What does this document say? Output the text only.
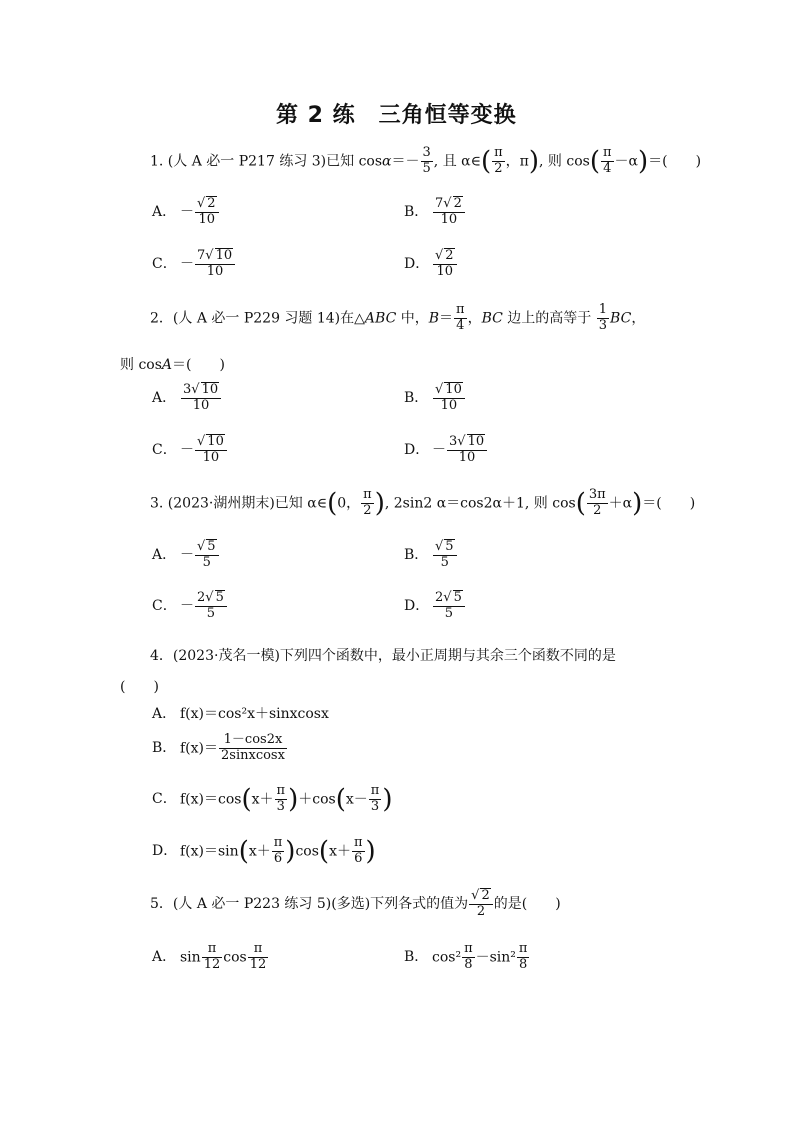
第 2 练　三角恒等变换
1. (人 A 必一 P217 练习 3)已知 $\cos\alpha=- \frac{3}{5}$ , 且 α∈( $\frac{\pi}{2}$ ，π), 则 $\cos( \frac{\pi}{4} -\alpha)=$(　　)
A． － $\frac{√ 2}{10}$	B． $\frac{7√ 2}{10}$
C． － $\frac{7√ 10}{10}$	D． $\frac{√ 2}{10}$
2．(人 A 必一 P229 习题 14)在△ABC 中，$B= \frac{\pi}{4}$ ，BC 边上的高等于 $\frac{1}{3}$ BC，
则 cosA＝(　　)
A． $\frac{3√ 10}{10}$	B． $\frac{√ 10}{10}$
C． － $\frac{√ 10}{10}$	D． － $\frac{3√ 10}{10}$
3. (2023·湖州期末)已知 α∈(0， $\frac{\pi}{2}$ ), 2sin2 α＝cos2α＋1, 则 $\cos( \frac{3\pi}{2} +\alpha)=$(　　)
A． － $\frac{√ 5}{5}$	B． $\frac{√ 5}{5}$
C． － $\frac{2√ 5}{5}$	D． $\frac{2√ 5}{5}$
4．(2023·茂名一模)下列四个函数中，最小正周期与其余三个函数不同的是
(　　)
A． f(x)＝cos²x＋sinxcosx
B． $f(x)= \frac{1-\cos 2x}{\text{2sinxcosx}}$
C． $f(x)=\cos(x+ \frac{\pi}{3} )+\cos(x- \frac{\pi}{3}$ )
D． $f(x)=\sin(x+ \frac{\pi}{6} )\cos(x+ \frac{\pi}{6}$ )
5．(人 A 必一 P223 练习 5)(多选)下列各式的值为 $\frac{√ 2}{2}$ 的是(　　)
A． $\sin \frac{\pi}{12}$ $\cos \frac{\pi}{12}$	B． $\cos^2 \frac{\pi}{8} -\sin^2 \frac{\pi}{8}$
